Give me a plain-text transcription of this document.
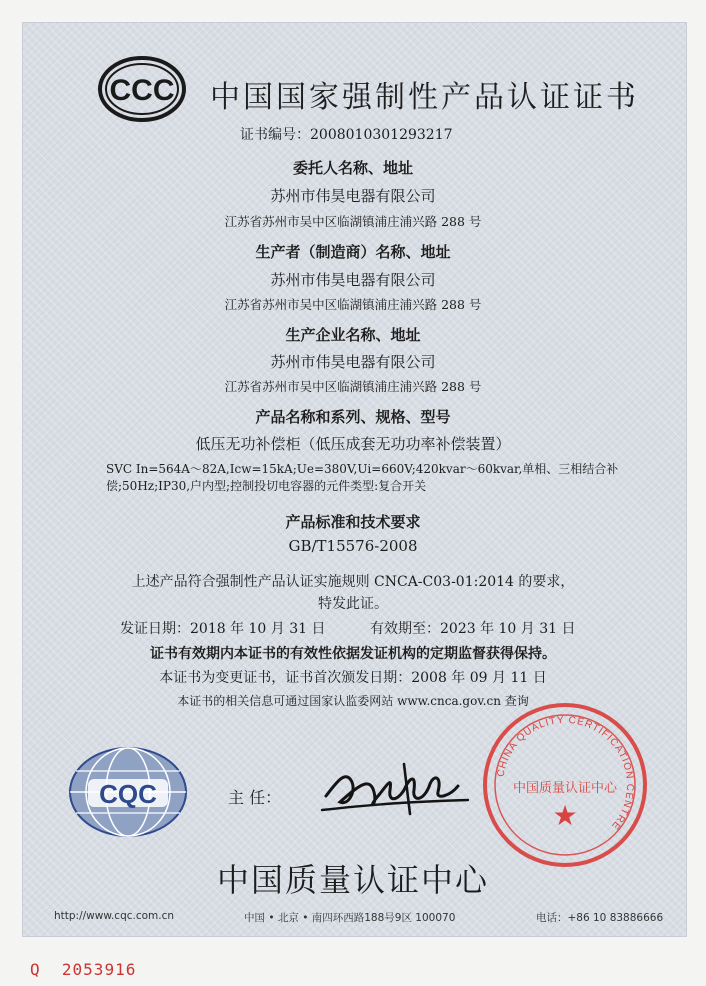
CCC 中国国家强制性产品认证证书
证书编号：2008010301293217
委托人名称、地址
苏州市伟昊电器有限公司
江苏省苏州市吴中区临湖镇浦庄浦兴路 288 号
生产者（制造商）名称、地址
苏州市伟昊电器有限公司
江苏省苏州市吴中区临湖镇浦庄浦兴路 288 号
生产企业名称、地址
苏州市伟昊电器有限公司
江苏省苏州市吴中区临湖镇浦庄浦兴路 288 号
产品名称和系列、规格、型号
低压无功补偿柜（低压成套无功功率补偿装置）
SVC In=564A～82A,Icw=15kA;Ue=380V,Ui=660V;420kvar～60kvar,单相、三相结合补
偿;50Hz;IP30,户内型;控制投切电容器的元件类型:复合开关
产品标准和技术要求
GB/T15576-2008
上述产品符合强制性产品认证实施规则 CNCA-C03-01:2014 的要求，
特发此证。
发证日期：2018 年 10 月 31 日	有效期至：2023 年 10 月 31 日
证书有效期内本证书的有效性依据发证机构的定期监督获得保持。
本证书为变更证书，证书首次颁发日期：2008 年 09 月 11 日
本证书的相关信息可通过国家认监委网站 www.cnca.gov.cn 查询
CQC	主 任：
CHINA QUALITY CERTIFICATION CENTRE
中国质量认证中心
★
中国质量认证中心
http://www.cqc.com.cn	中国 • 北京 • 南四环西路188号9区 100070	电话：+86 10 83886666
Q 2053916
